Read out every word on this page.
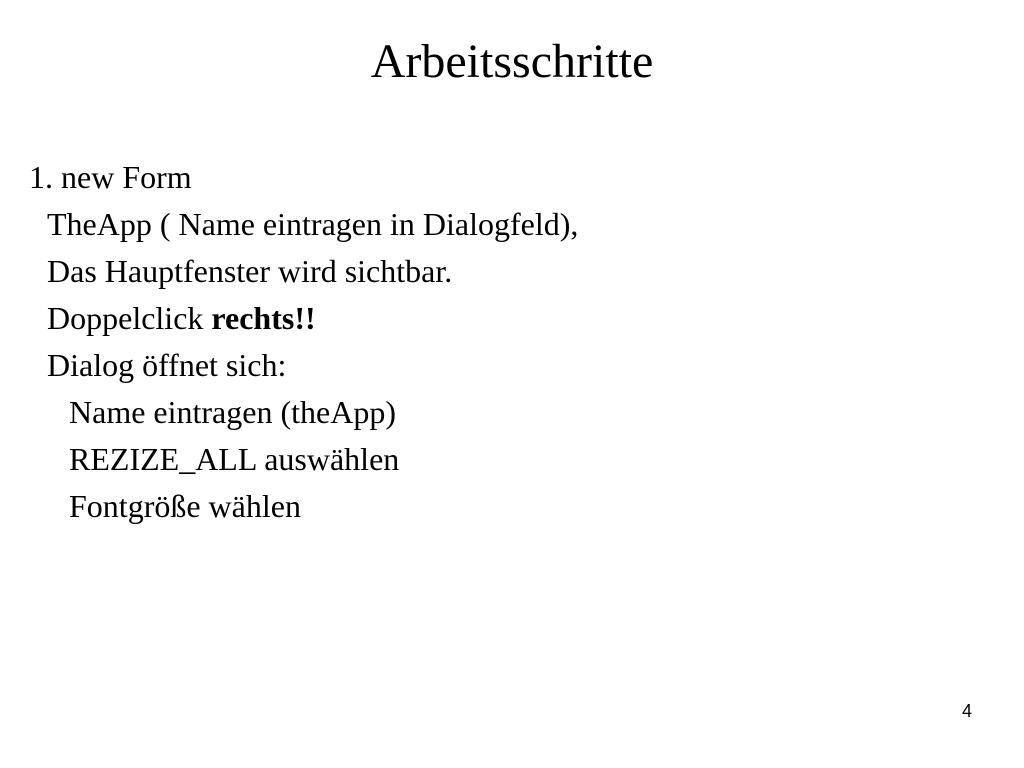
Arbeitsschritte
1. new Form
TheApp ( Name eintragen in Dialogfeld),
Das Hauptfenster wird sichtbar.
Doppelclick rechts!!
Dialog öffnet sich:
Name eintragen (theApp)
REZIZE_ALL auswählen
Fontgröße wählen
4
